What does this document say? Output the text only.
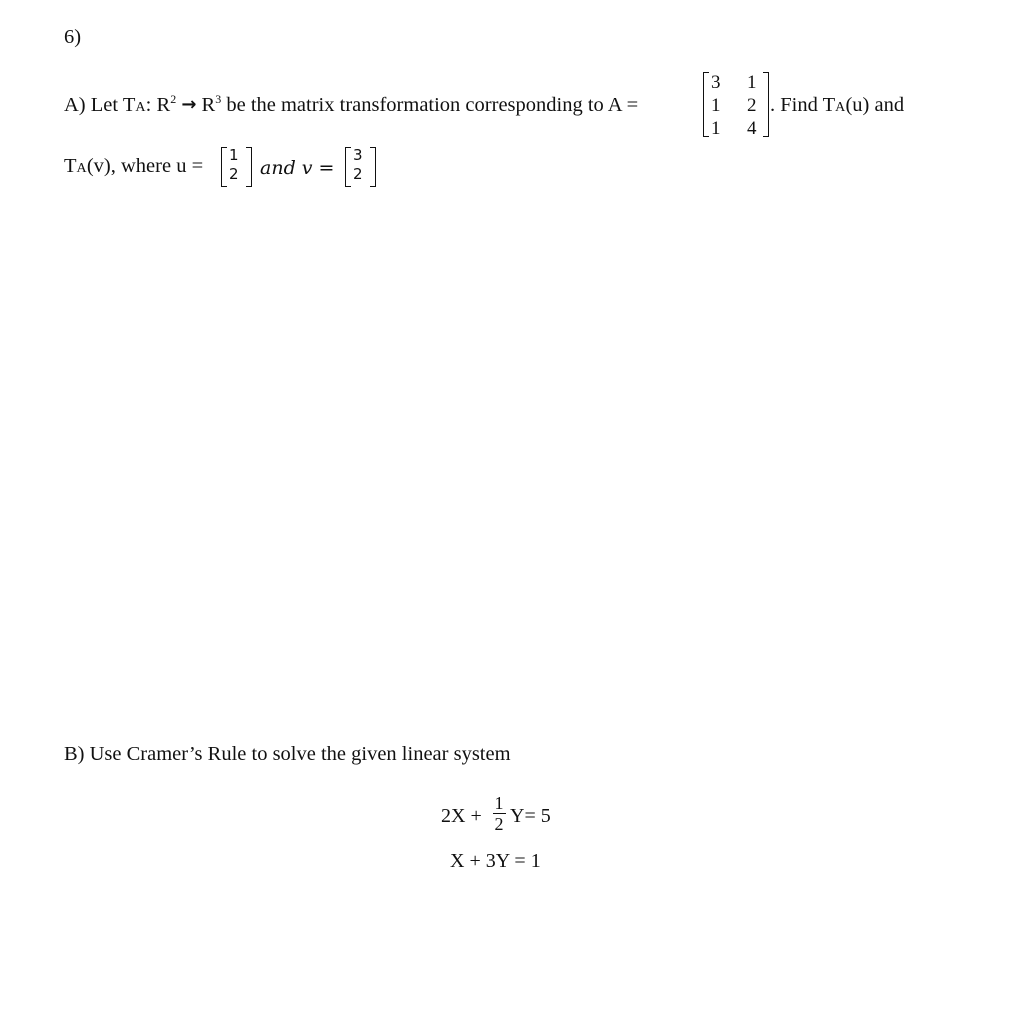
6)
A) Let TA: $R^2 \to R^3$ be the matrix transformation corresponding to A =
3 1
1 2
1 4
. Find TA(u) and
TA(v), where u = 1
2 and v =
3
2
B) Use Cramer’s Rule to solve the given linear system
2X +
1
2 Y= 5
X + 3Y = 1
